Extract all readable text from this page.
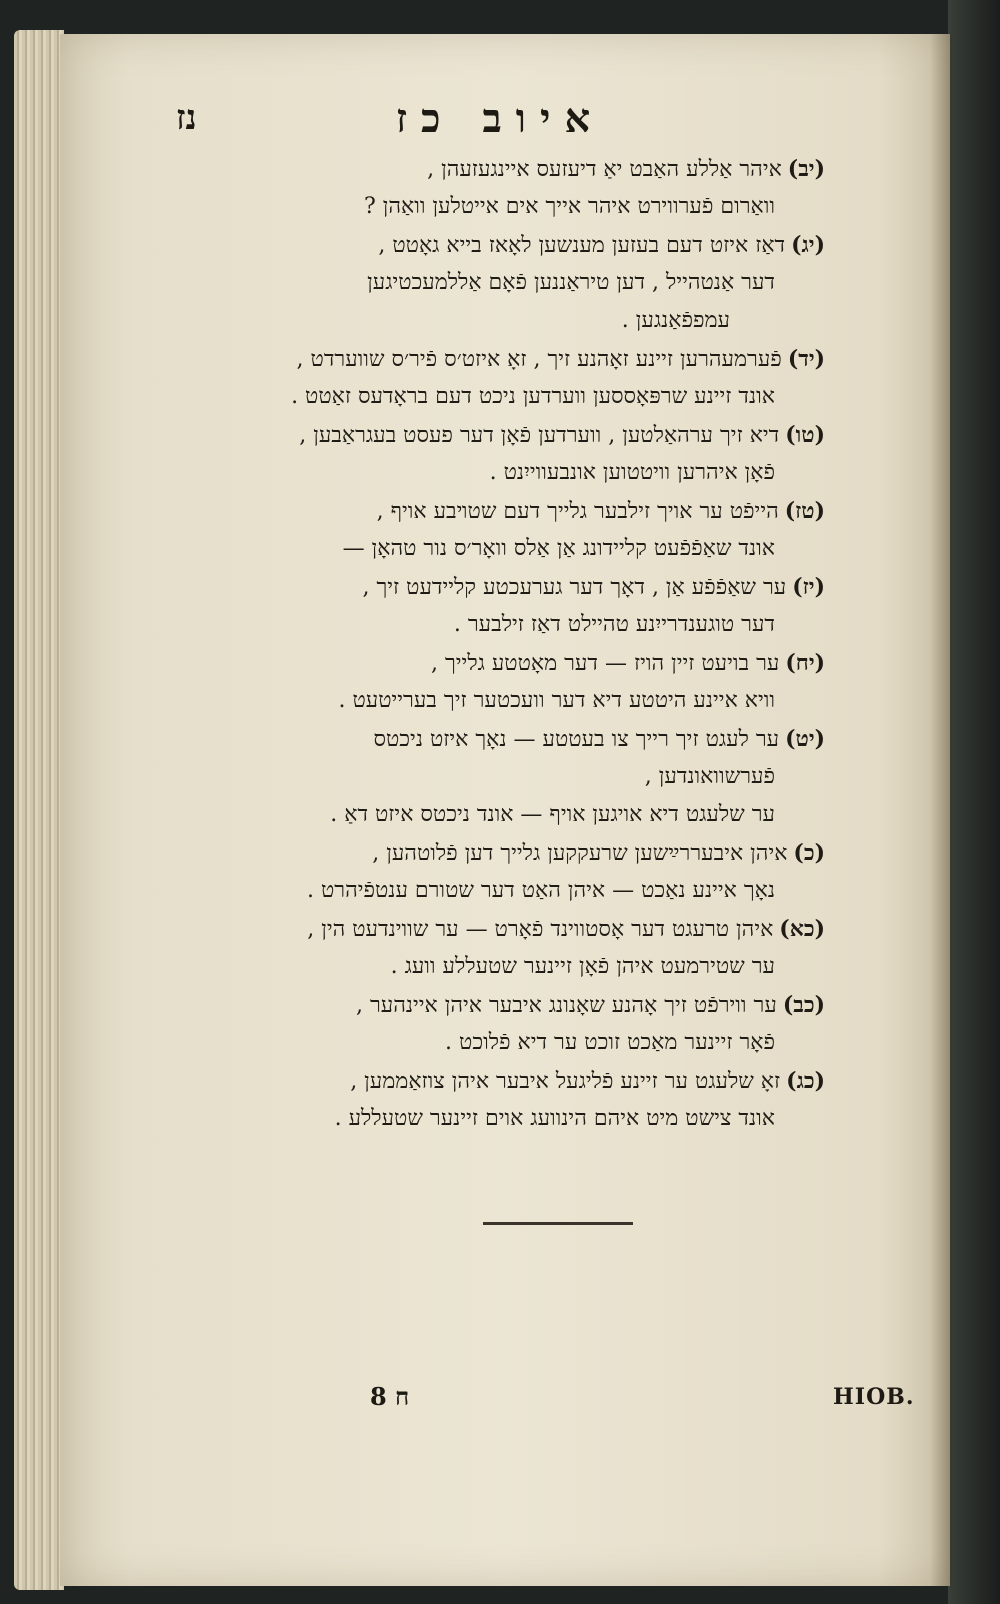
איוב כז
נז
(יב)איהר אַללע האַבט יאַ דיעזעס איינגעזעהן ,
וואַרום פֿערווירט איהר אייך אים אייטלען וואַהן ?
(יג)דאַז איזט דעם בעזען מענשען לאָאז בייא גאָטט ,
דער אַנטהייל , דען טיראַננען פֿאָם אַללמעכטיגען
עמפפֿאַנגען .
(יד)פֿערמעהרען זיינע זאָהנע זיך , זאָ איזט׳ס פֿיר׳ס שווערדט ,
אונד זיינע שרפּאָססען ווערדען ניכט דעם בראָדעס זאַטט .
(טו)דיא זיך ערהאַלטען , ווערדען פֿאָן דער פעסט בעגראַבען ,
פֿאָן איהרען וויטטוען אונבעווייִנט .
(טז)הייפֿט ער אויך זילבער גלייך דעם שטױבע אויף ,
אונד שאַפֿפֿעט קליידונג אַן אַלס וואָר׳ס נור טהאָן —
(יז)ער שאַפֿפֿע אַן , דאָך דער גערעכטע קליידעט זיך ,
דער טוגענדרייִנע טהיילט דאַז זילבער .
(יח)ער בויעט זיין הויז — דער מאָטטע גלייך ,
וויא איינע היטטע דיא דער וועכטער זיך בערייטעט .
(יט)ער לעגט זיך רייך צו בעטטע — נאָך איזט ניכטס
פֿערשוואונדען ,
ער שלעגט דיא אויגען אויף — אונד ניכטס איזט דאַ .
(כ)איהן איבעררײַשען שרעקקען גלייך דען פֿלוטהען ,
נאָך איינע נאַכט — איהן האַט דער שטורם ענטפֿיהרט .
(כא)איהן טרעגט דער אָסטווינד פֿאָרט — ער שווינדעט הין ,
ער שטירמעט איהן פֿאָן זיינער שטעללע וועג .
(כב)ער ווירפֿט זיך אָהנע שאָנונג איבער איהן איינהער ,
פֿאָר זיינער מאַכט זוכט ער דיא פֿלוכט .
(כג)זאָ שלעגט ער זיינע פֿליגעל איבער איהן צוזאַממען ,
אונד צישט מיט איהם הינוועג אוים זיינער שטעללע .
ח 8	HIOB.
